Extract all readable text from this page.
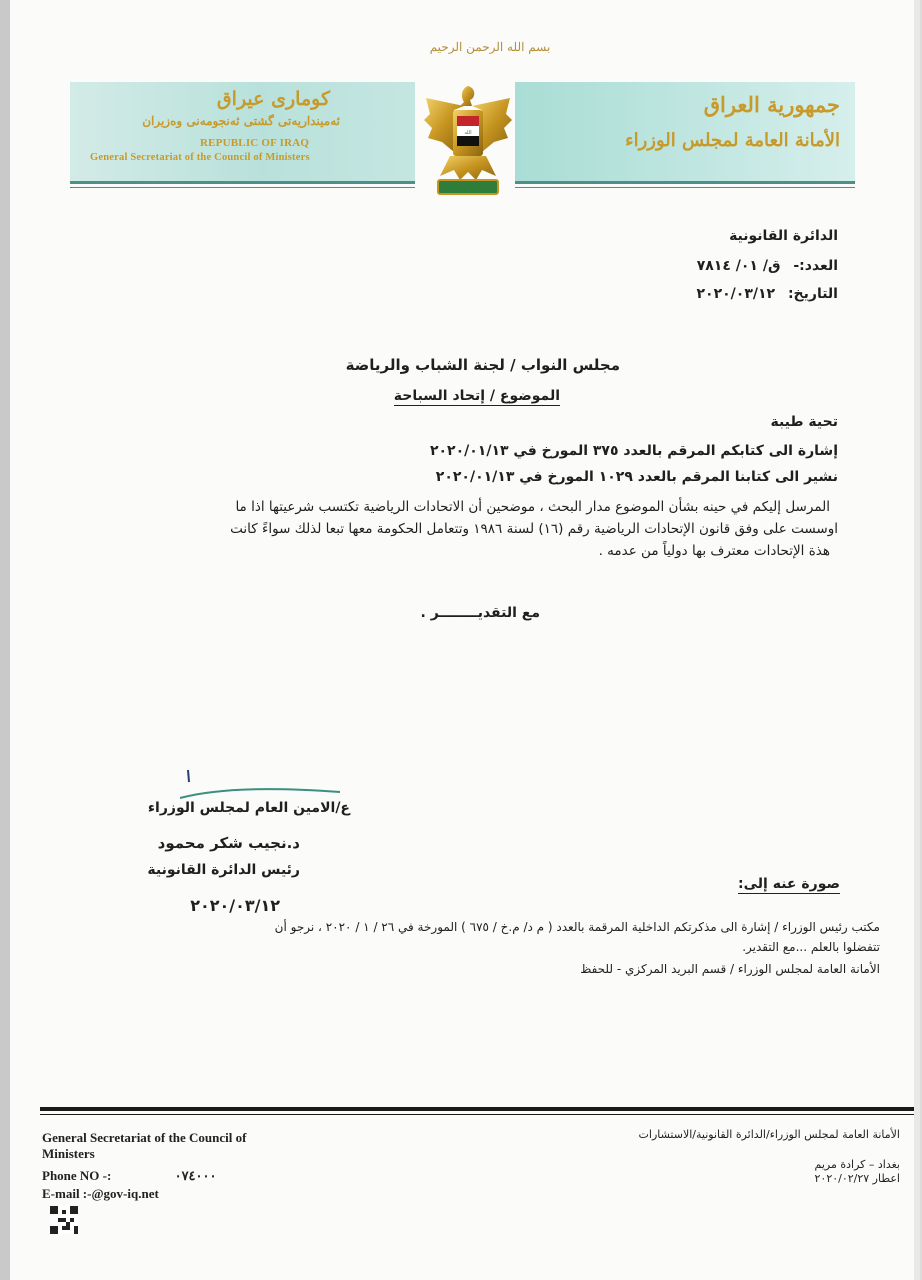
بسم الله الرحمن الرحيم
كومارى عيراق
ئەمینداریه‌تی گشتی ئه‌نجومه‌نی وه‌زیران
REPUBLIC OF IRAQ
General Secretariat of the Council of Ministers
الله
جمهورية العراق
الأمانة العامة لمجلس الوزراء
الدائرة القانونية
العدد:- ق/ ٠١/ ٧٨١٤
التاريخ: ٢٠٢٠/٠٣/١٢
مجلس النواب / لجنة الشباب والرياضة
الموضوع / إتحاد السباحة
تحية طيبة
إشارة الى كتابكم المرقم بالعدد ٣٧٥ المورخ في ٢٠٢٠/٠١/١٣
نشير الى كتابنا المرقم بالعدد ١٠٢٩ المورخ في ٢٠٢٠/٠١/١٣
المرسل إليكم في حينه بشأن الموضوع مدار البحث ، موضحين أن الاتحادات الرياضية تكتسب شرعيتها اذا ما
اوسست على وفق قانون الإتحادات الرياضية رقم (١٦) لسنة ١٩٨٦ وتتعامل الحكومة معها تبعا لذلك سواءً كانت
هذة الإتحادات معترف بها دولياً من عدمه .
مع التقديــــــــر .
ع/الامين العام لمجلس الوزراء
د.نجيب شكر محمود
رئيس الدائرة القانونية
٢٠٢٠/٠٣/١٢
صورة عنه إلى:
مكتب رئيس الوزراء / إشارة الى مذكرتكم الداخلية المرقمة بالعدد ( م د/ م.خ / ٦٧٥ ) المورخة في ٢٦ / ١ / ٢٠٢٠ ، نرجو أن
تتفضلوا بالعلم ...مع التقدير.
الأمانة العامة لمجلس الوزراء / قسم البريد المركزي - للحفظ
General Secretariat of the Council of
Ministers
Phone NO -:	٠٧٤٠٠٠
E-mail :-@gov-iq.net
الأمانة العامة لمجلس الوزراء/الدائرة القانونية/الاستشارات
بغداد – كرادة مريم
اعطار ٢٠٢٠/٠٢/٢٧
